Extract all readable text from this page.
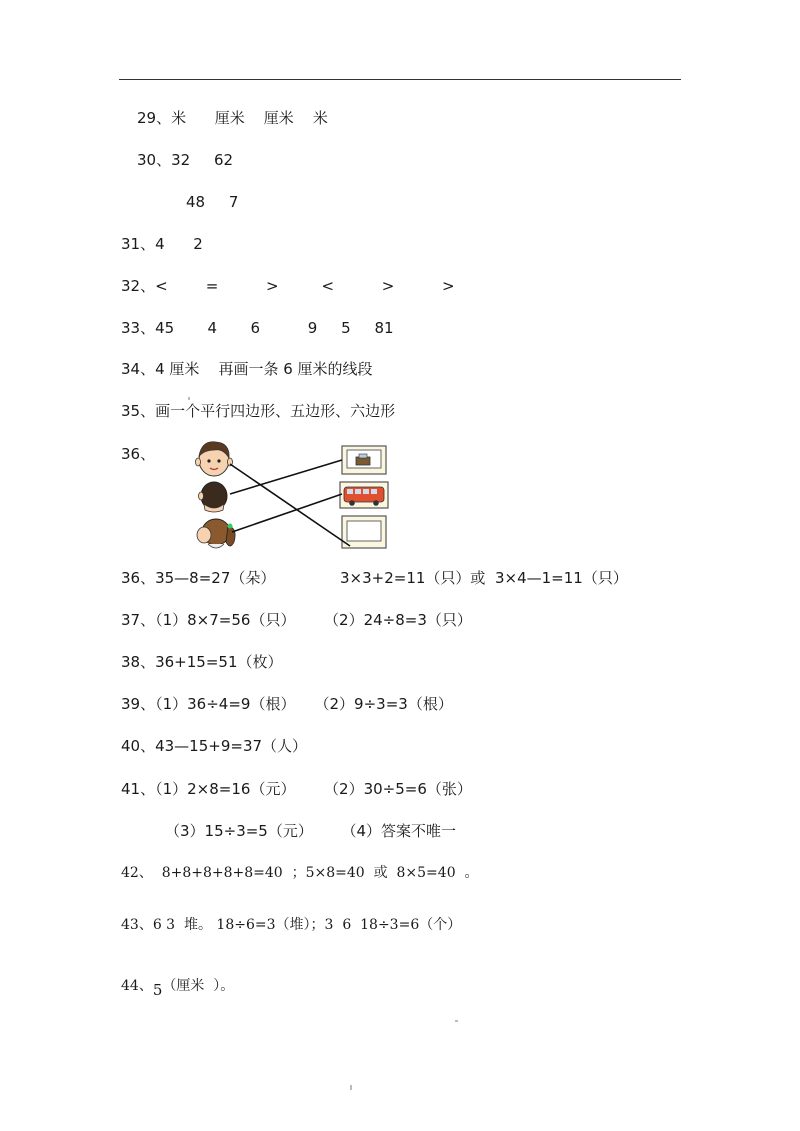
29、米      厘米    厘米    米
30、32     62
48     7
31、4      2
32、<        =          >         <          >          >
33、45       4       6          9     5     81
34、4 厘米    再画一条 6 厘米的线段
35、画一个平行四边形、五边形、六边形
36、
36、35—8=27（朵）	3×3+2=11（只）或  3×4—1=11（只）
37、（1）8×7=56（只）      （2）24÷8=3（只）
38、36+15=51（枚）
39、（1）36÷4=9（根）    （2）9÷3=3（根）
40、43—15+9=37（人）
41、（1）2×8=16（元）      （2）30÷5=6（张）
（3）15÷3=5（元）      （4）答案不唯一
42、  8+8+8+8+8=40  ；5×8=40  或  8×5=40  。
43、6 3  堆。 18÷6=3（堆）；3  6  18÷3=6（个）
44、5（厘米  ）。
